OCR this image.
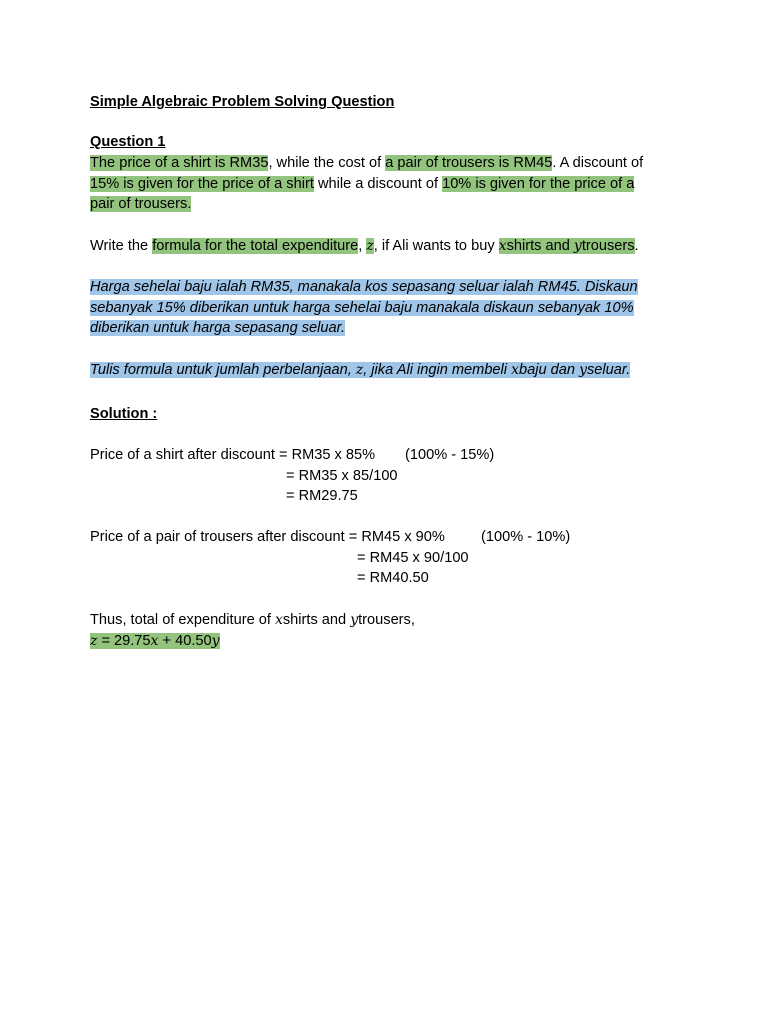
Simple Algebraic Problem Solving Question
Question 1
The price of a shirt is RM35, while the cost of a pair of trousers is RM45. A discount of
15% is given for the price of a shirt while a discount of 10% is given for the price of a
pair of trousers.
Write the formula for the total expenditure, z, if Ali wants to buy xshirts and ytrousers.
Harga sehelai baju ialah RM35, manakala kos sepasang seluar ialah RM45. Diskaun
sebanyak 15% diberikan untuk harga sehelai baju manakala diskaun sebanyak 10%
diberikan untuk harga sepasang seluar.
Tulis formula untuk jumlah perbelanjaan, z, jika Ali ingin membeli xbaju dan yseluar.
Solution :
Price of a shirt after discount = RM35 x 85% (100% - 15%)
= RM35 x 85/100
= RM29.75
Price of a pair of trousers after discount = RM45 x 90% (100% - 10%)
= RM45 x 90/100
= RM40.50
Thus, total of expenditure of xshirts and ytrousers,
z = 29.75x + 40.50y
